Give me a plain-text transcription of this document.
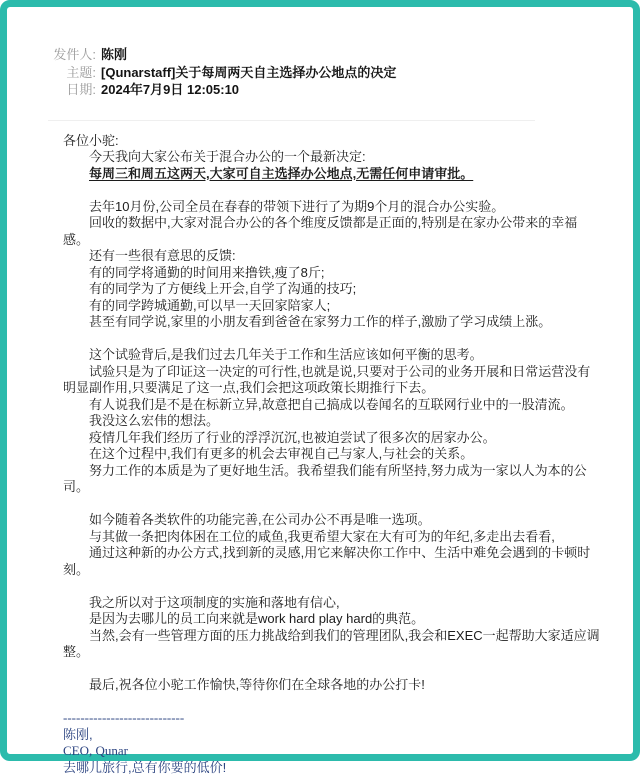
发件人: 陈刚
主题: [Qunarstaff]关于每周两天自主选择办公地点的决定
日期: 2024年7月9日 12:05:10

各位小驼:

今天我向大家公布关于混合办公的一个最新决定:

每周三和周五这两天,大家可自主选择办公地点,无需任何申请审批。

去年10月份,公司全员在春春的带领下进行了为期9个月的混合办公实验。

回收的数据中,大家对混合办公的各个维度反馈都是正面的,特别是在家办公带来的幸福感。

还有一些很有意思的反馈:

有的同学将通勤的时间用来撸铁,瘦了8斤;

有的同学为了方便线上开会,自学了沟通的技巧;

有的同学跨城通勤,可以早一天回家陪家人;

甚至有同学说,家里的小朋友看到爸爸在家努力工作的样子,激励了学习成绩上涨。

这个试验背后,是我们过去几年关于工作和生活应该如何平衡的思考。

试验只是为了印证这一决定的可行性,也就是说,只要对于公司的业务开展和日常运营没有明显副作用,只要满足了这一点,我们会把这项政策长期推行下去。

有人说我们是不是在标新立异,故意把自己搞成以卷闻名的互联网行业中的一股清流。

我没这么宏伟的想法。

疫情几年我们经历了行业的浮浮沉沉,也被迫尝试了很多次的居家办公。

在这个过程中,我们有更多的机会去审视自己与家人,与社会的关系。

努力工作的本质是为了更好地生活。我希望我们能有所坚持,努力成为一家以人为本的公司。

如今随着各类软件的功能完善,在公司办公不再是唯一选项。

与其做一条把肉体困在工位的咸鱼,我更希望大家在大有可为的年纪,多走出去看看,

通过这种新的办公方式,找到新的灵感,用它来解决你工作中、生活中难免会遇到的卡顿时刻。

我之所以对于这项制度的实施和落地有信心,

是因为去哪儿的员工向来就是work hard play hard的典范。

当然,会有一些管理方面的压力挑战给到我们的管理团队,我会和EXEC一起帮助大家适应调整。

最后,祝各位小驼工作愉快,等待你们在全球各地的办公打卡!

----------------------------

陈刚,

CEO, Qunar

去哪儿旅行,总有你要的低价!
